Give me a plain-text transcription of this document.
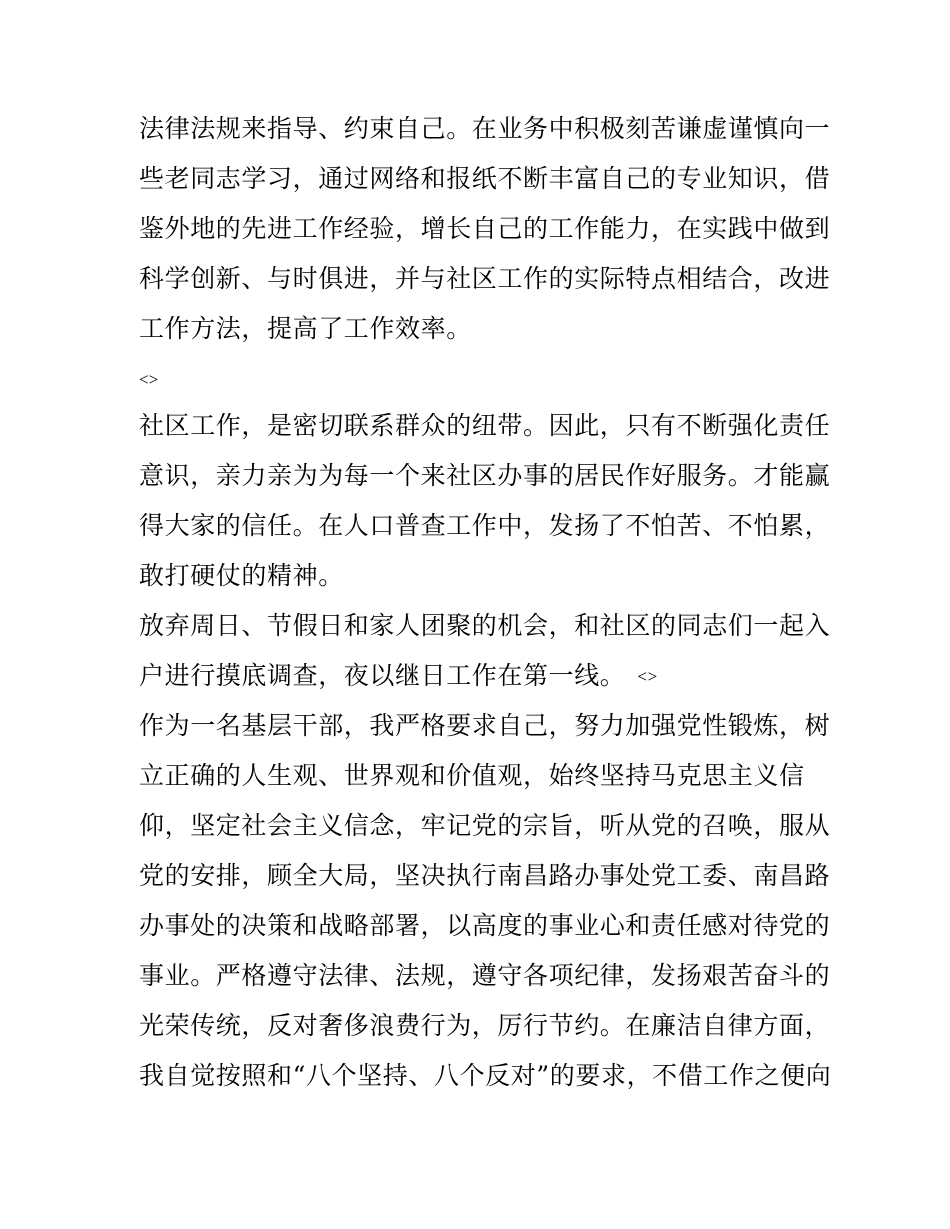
法律法规来指导、约束自己。在业务中积极刻苦谦虚谨慎向一
些老同志学习，通过网络和报纸不断丰富自己的专业知识，借
鉴外地的先进工作经验，增长自己的工作能力，在实践中做到
科学创新、与时俱进，并与社区工作的实际特点相结合，改进
工作方法，提高了工作效率。
<>
社区工作，是密切联系群众的纽带。因此，只有不断强化责任
意识，亲力亲为为每一个来社区办事的居民作好服务。才能赢
得大家的信任。在人口普查工作中，发扬了不怕苦、不怕累，
敢打硬仗的精神。
放弃周日、节假日和家人团聚的机会，和社区的同志们一起入
户进行摸底调查，夜以继日工作在第一线。 <>
作为一名基层干部，我严格要求自己，努力加强党性锻炼，树
立正确的人生观、世界观和价值观，始终坚持马克思主义信
仰，坚定社会主义信念，牢记党的宗旨，听从党的召唤，服从
党的安排，顾全大局，坚决执行南昌路办事处党工委、南昌路
办事处的决策和战略部署，以高度的事业心和责任感对待党的
事业。严格遵守法律、法规，遵守各项纪律，发扬艰苦奋斗的
光荣传统，反对奢侈浪费行为，厉行节约。在廉洁自律方面，
我自觉按照和“八个坚持、八个反对”的要求，不借工作之便向
